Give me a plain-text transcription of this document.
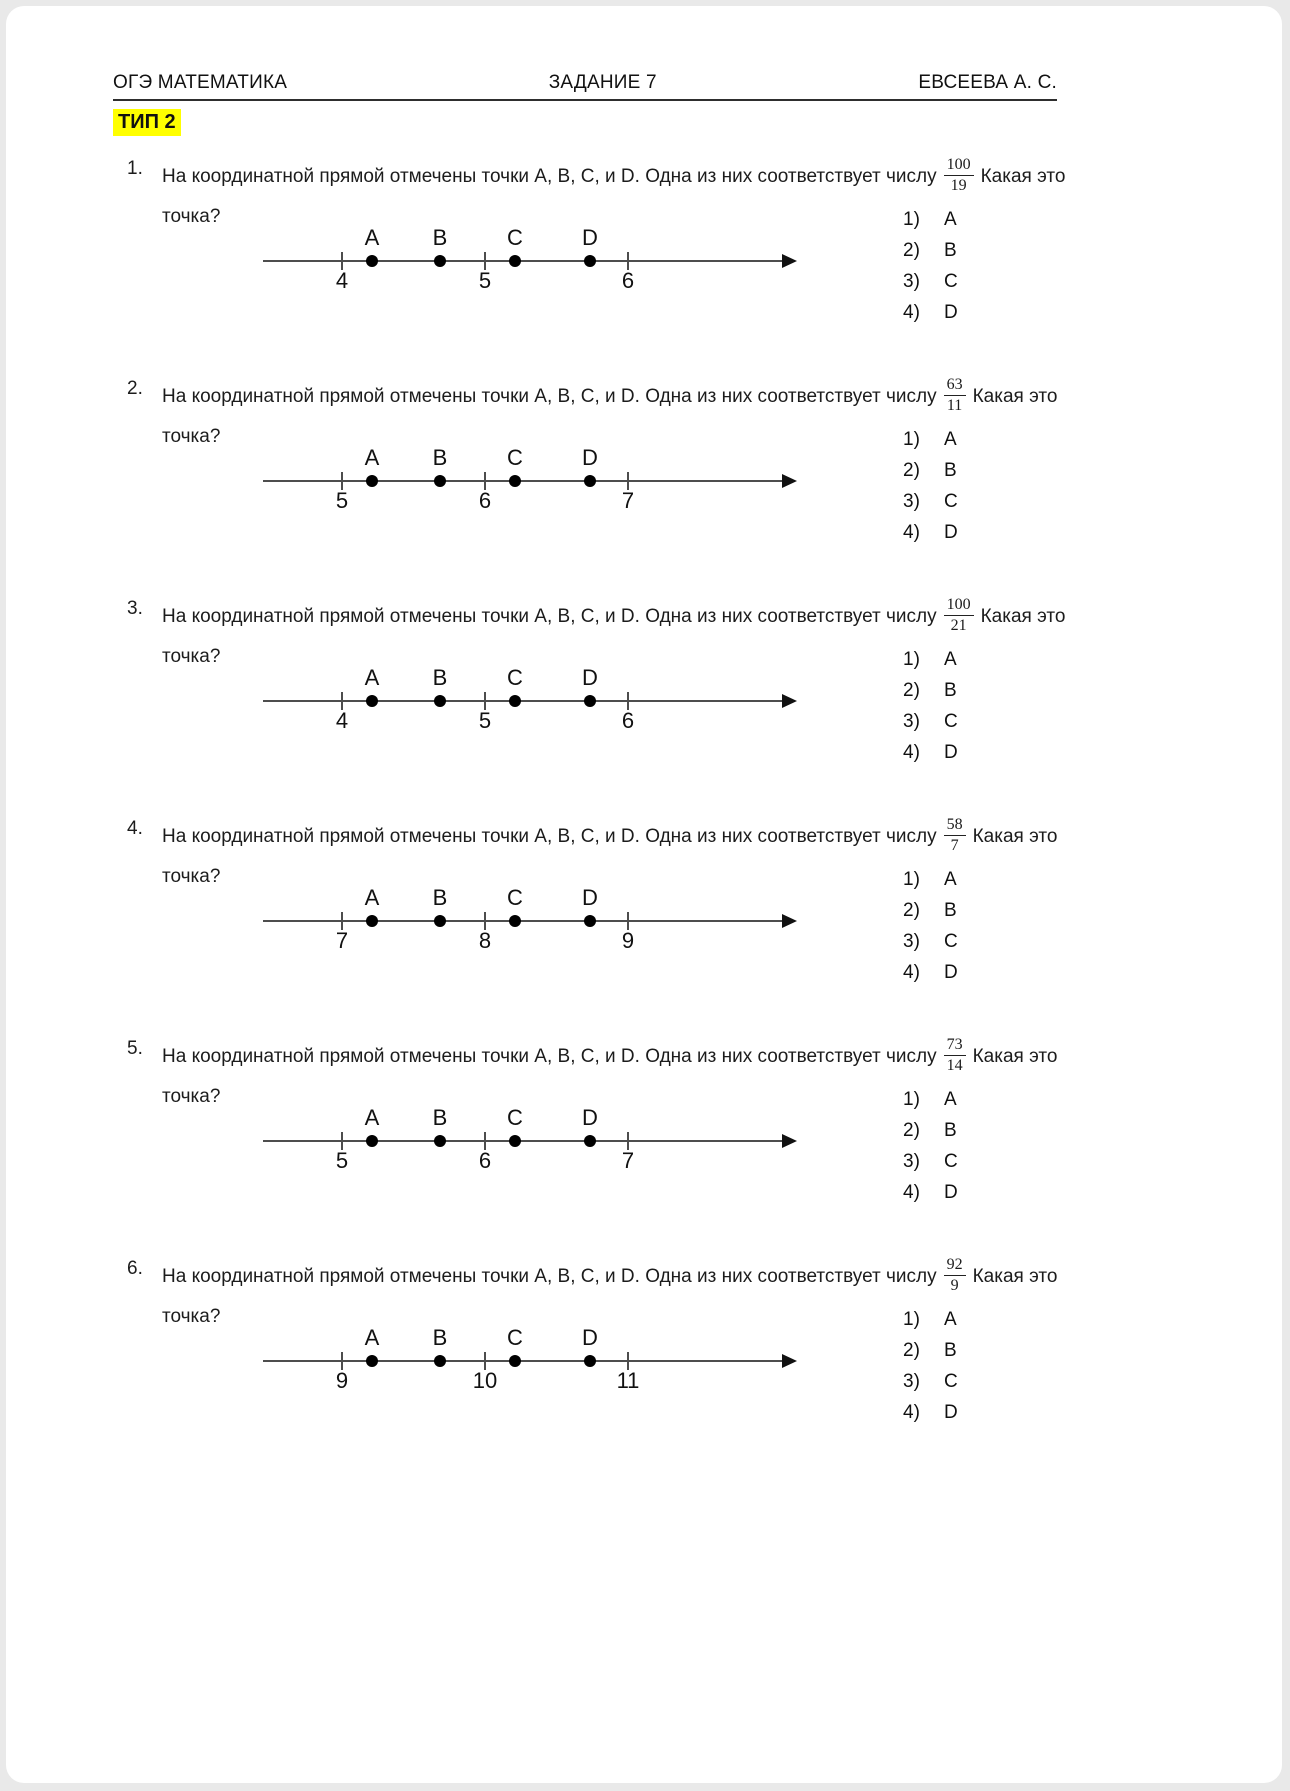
ОГЭ МАТЕМАТИКА	ЗАДАНИЕ 7	ЕВСЕЕВА А. С.
ТИП 2
1. На координатной прямой отмечены точки A, B, C, и D. Одна из них соответствует числу $\frac{100}{19}$ Какая это
точка?
4	5	6
A	B	C	D
1)	A
2)	B
3)	C
4)	D
2. На координатной прямой отмечены точки A, B, C, и D. Одна из них соответствует числу $\frac{63}{11}$ Какая это
точка?
5	6	7
A	B	C	D
1)	A
2)	B
3)	C
4)	D
3. На координатной прямой отмечены точки A, B, C, и D. Одна из них соответствует числу $\frac{100}{21}$ Какая это
точка?
4	5	6
A	B	C	D
1)	A
2)	B
3)	C
4)	D
4. На координатной прямой отмечены точки A, B, C, и D. Одна из них соответствует числу $\frac{58}{7}$ Какая это
точка?
7	8	9
A	B	C	D
1)	A
2)	B
3)	C
4)	D
5. На координатной прямой отмечены точки A, B, C, и D. Одна из них соответствует числу $\frac{73}{14}$ Какая это
точка?
5	6	7
A	B	C	D
1)	A
2)	B
3)	C
4)	D
6. На координатной прямой отмечены точки A, B, C, и D. Одна из них соответствует числу $\frac{92}{9}$ Какая это
точка?
9	10	11
A	B	C	D
1)	A
2)	B
3)	C
4)	D
